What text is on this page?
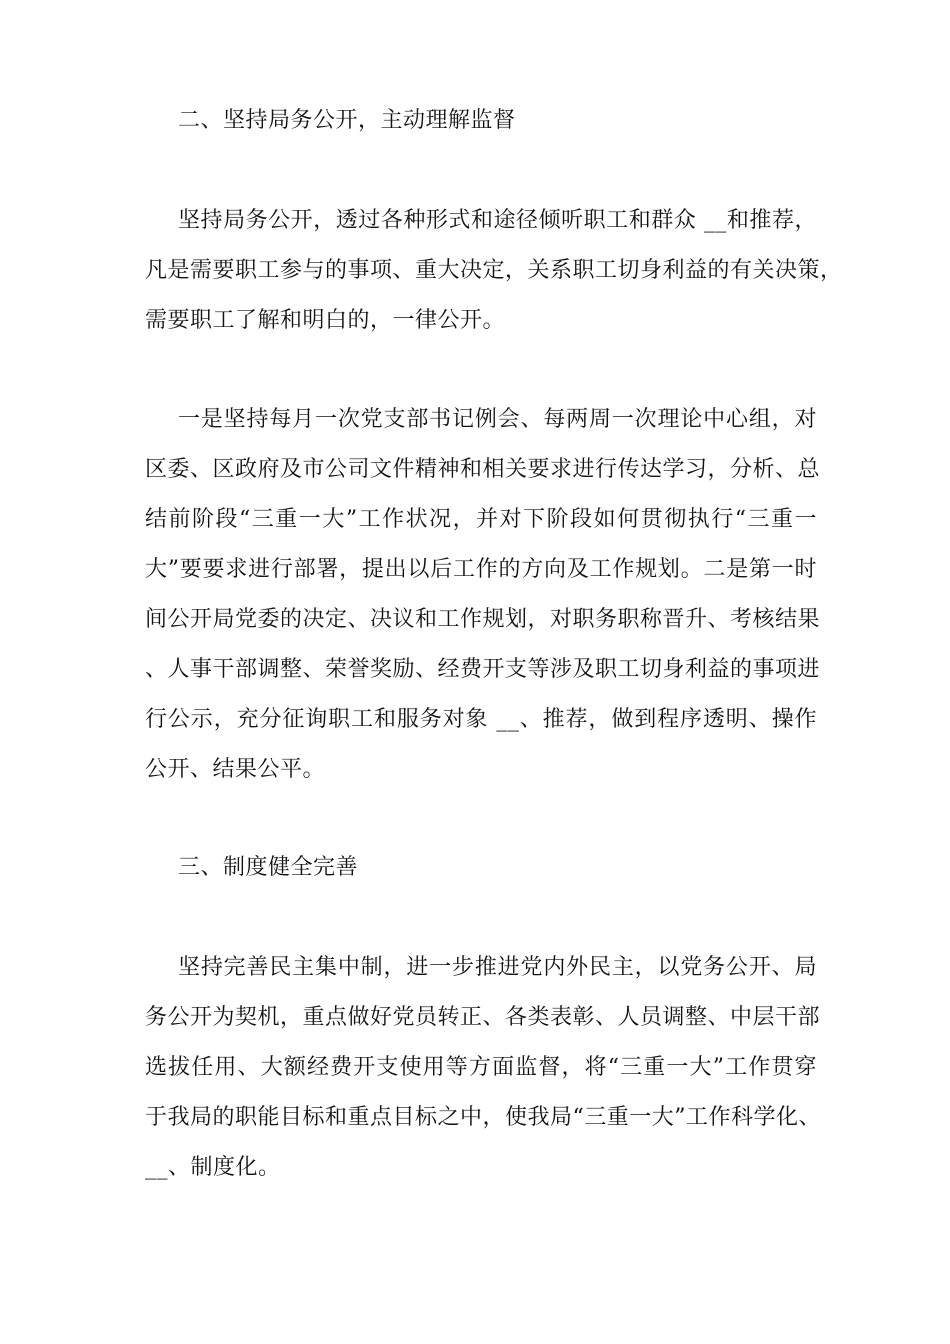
二、坚持局务公开，主动理解监督
坚持局务公开，透过各种形式和途径倾听职工和群众 __和推荐，
凡是需要职工参与的事项、重大决定，关系职工切身利益的有关决策，
需要职工了解和明白的，一律公开。
一是坚持每月一次党支部书记例会、每两周一次理论中心组，对
区委、区政府及市公司文件精神和相关要求进行传达学习，分析、总
结前阶段“三重一大”工作状况，并对下阶段如何贯彻执行“三重一
大”要要求进行部署，提出以后工作的方向及工作规划。二是第一时
间公开局党委的决定、决议和工作规划，对职务职称晋升、考核结果
、人事干部调整、荣誉奖励、经费开支等涉及职工切身利益的事项进
行公示，充分征询职工和服务对象 __、推荐，做到程序透明、操作
公开、结果公平。
三、制度健全完善
坚持完善民主集中制，进一步推进党内外民主，以党务公开、局
务公开为契机，重点做好党员转正、各类表彰、人员调整、中层干部
选拔任用、大额经费开支使用等方面监督，将“三重一大”工作贯穿
于我局的职能目标和重点目标之中，使我局“三重一大”工作科学化、
__、制度化。
